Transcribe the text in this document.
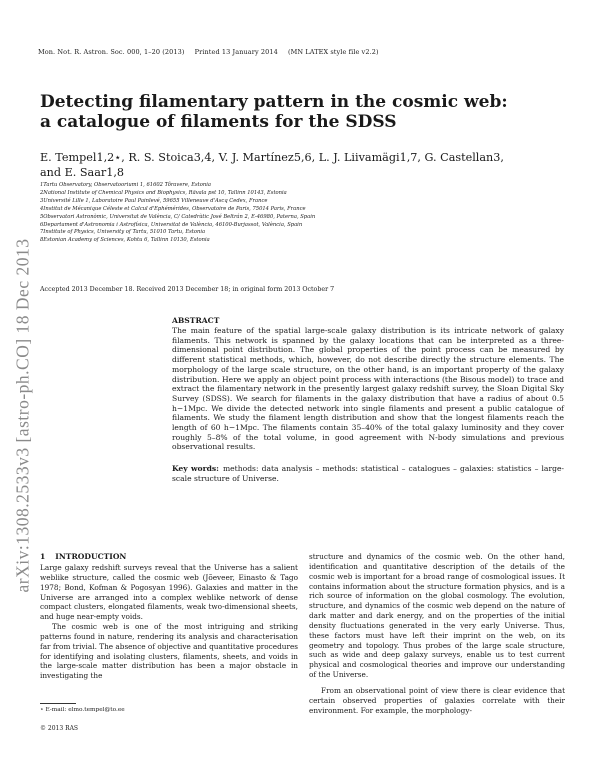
Mon. Not. R. Astron. Soc. 000, 1–20 (2013) Printed 13 January 2014 (MN LATEX style file v2.2)
arXiv:1308.2533v3 [astro-ph.CO] 18 Dec 2013
Detecting filamentary pattern in the cosmic web:
a catalogue of filaments for the SDSS
E. Tempel1,2⋆, R. S. Stoica3,4, V. J. Martínez5,6, L. J. Liivamägi1,7, G. Castellan3,
and E. Saar1,8
1Tartu Observatory, Observatooriumi 1, 61602 Tõravere, Estonia
2National Institute of Chemical Physics and Biophysics, Rävala pst 10, Tallinn 10143, Estonia
3Université Lille 1, Laboratoire Paul Painlevé, 59655 Villeneuve d'Ascq Cedex, France
4Institut de Mécanique Céleste et Calcul d'Ephémérides, Observatoire de Paris, 75014 Paris, France
5Observatori Astronòmic, Universitat de València, C/ Catedràtic José Beltrán 2, E-46980, Paterna, Spain
6Departament d'Astronomia i Astrofísica, Universitat de València, 46100-Burjassot, València, Spain
7Institute of Physics, University of Tartu, 51010 Tartu, Estonia
8Estonian Academy of Sciences, Kohtu 6, Tallinn 10130, Estonia
Accepted 2013 December 18. Received 2013 December 18; in original form 2013 October 7
ABSTRACT
The main feature of the spatial large-scale galaxy distribution is its intricate network of galaxy filaments. This network is spanned by the galaxy locations that can be interpreted as a three-dimensional point distribution. The global properties of the point process can be measured by different statistical methods, which, however, do not describe directly the structure elements. The morphology of the large scale structure, on the other hand, is an important property of the galaxy distribution. Here we apply an object point process with interactions (the Bisous model) to trace and extract the filamentary network in the presently largest galaxy redshift survey, the Sloan Digital Sky Survey (SDSS). We search for filaments in the galaxy distribution that have a radius of about 0.5 h−1Mpc. We divide the detected network into single filaments and present a public catalogue of filaments. We study the filament length distribution and show that the longest filaments reach the length of 60 h−1Mpc. The filaments contain 35–40% of the total galaxy luminosity and they cover roughly 5–8% of the total volume, in good agreement with N-body simulations and previous observational results.
Key words: methods: data analysis – methods: statistical – catalogues – galaxies: statistics – large-scale structure of Universe.
1 INTRODUCTION

Large galaxy redshift surveys reveal that the Universe has a salient weblike structure, called the cosmic web (Jõeveer, Einasto & Tago 1978; Bond, Kofman & Pogosyan 1996). Galaxies and matter in the Universe are arranged into a complex weblike network of dense compact clusters, elongated filaments, weak two-dimensional sheets, and huge near-empty voids.

The cosmic web is one of the most intriguing and striking patterns found in nature, rendering its analysis and characterisation far from trivial. The absence of objective and quantitative procedures for identifying and isolating clusters, filaments, sheets, and voids in the large-scale matter distribution has been a major obstacle in investigating the

structure and dynamics of the cosmic web. On the other hand, identification and quantitative description of the details of the cosmic web is important for a broad range of cosmological issues. It contains information about the structure formation physics, and is a rich source of information on the global cosmology. The evolution, structure, and dynamics of the cosmic web depend on the nature of dark matter and dark energy, and on the properties of the initial density fluctuations generated in the very early Universe. Thus, these factors must have left their imprint on the web, on its geometry and topology. Thus probes of the large scale structure, such as wide and deep galaxy surveys, enable us to test current physical and cosmological theories and improve our understanding of the Universe.

From an observational point of view there is clear evidence that certain observed properties of galaxies correlate with their environment. For example, the morphology-

⋆ E-mail: elmo.tempel@to.ee
© 2013 RAS
